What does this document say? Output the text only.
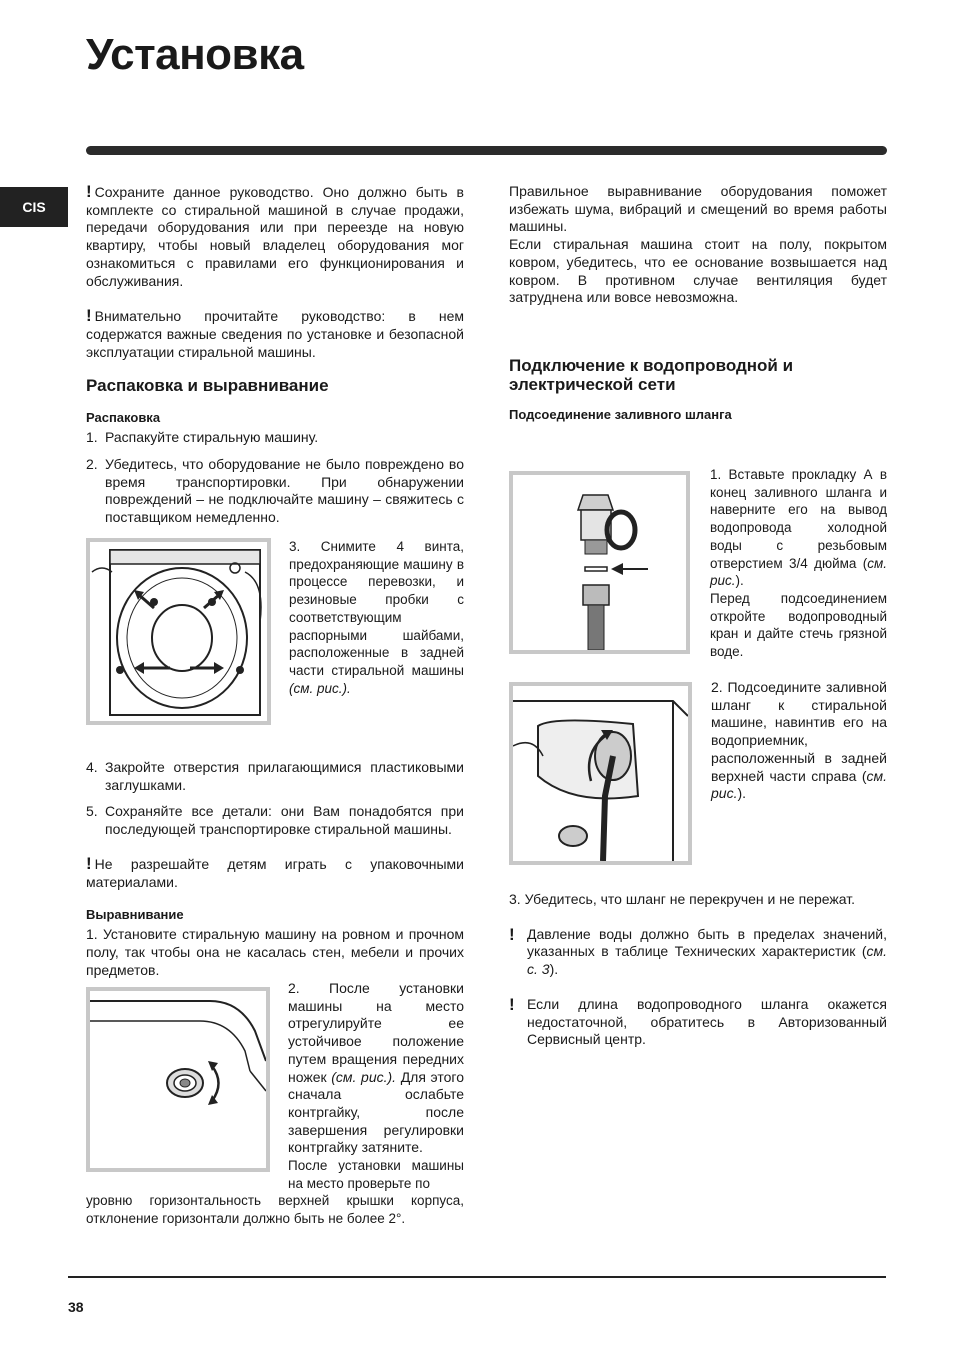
Установка
CIS

! Сохраните данное руководство. Оно должно быть в комплекте со стиральной машиной в случае продажи, передачи оборудования или при переезде на новую квартиру, чтобы новый владелец оборудования мог ознакомиться с правилами его функционирования и обслуживания.

! Внимательно прочитайте руководство: в нем содержатся важные сведения по установке и безопасной эксплуатации стиральной машины.

Распаковка и выравнивание

Распаковка

1. Распакуйте стиральную машину.
2. Убедитесь, что оборудование не было повреждено во время транспортировки. При обнаружении повреждений – не подключайте машину – свяжитесь с поставщиком немедленно.

3. Снимите 4 винта, предохраняющие машину в процессе перевозки, и резиновые пробки с соответствующим распорными шайбами, расположенные в задней части стиральной машины (см. рис.).

4. Закройте отверстия прилагающимися пластиковыми заглушками.
5. Сохраняйте все детали: они Вам понадобятся при последующей транспортировке стиральной машины.

! Не разрешайте детям играть с упаковочными материалами.

Выравнивание

1. Установите стиральную машину на ровном и прочном полу, так чтобы она не касалась стен, мебели и прочих предметов.

2. После установки машины на место отрегулируйте ее устойчивое положение путем вращения передних ножек (см. рис.). Для этого сначала ослабьте контргайку, после завершения регулировки контргайку затяните.

После установки машины на место проверьте по

уровню горизонтальность верхней крышки корпуса, отклонение горизонтали должно быть не более 2°.

Правильное выравнивание оборудования поможет избежать шума, вибраций и смещений во время работы машины.

Если стиральная машина стоит на полу, покрытом ковром, убедитесь, что ее основание возвышается над ковром. В противном случае вентиляция будет затруднена или вовсе невозможна.

Подключение к водопроводной и электрической сети

Подсоединение заливного шланга

1. Вставьте прокладку А в конец заливного шланга и наверните его на вывод водопровода холодной воды с резьбовым отверстием 3/4 дюйма (см. рис.).

Перед подсоединением откройте водопроводный кран и дайте стечь грязной воде.

2. Подсоедините заливной шланг к стиральной машине, навинтив его на водоприемник, расположенный в задней верхней части справа (см. рис.).

3. Убедитесь, что шланг не перекручен и не пережат.

! Давление воды должно быть в пределах значений, указанных в таблице Технических характеристик (см. с. 3).
! Если длина водопроводного шланга окажется недостаточной, обратитесь в Авторизованный Сервисный центр.
38
